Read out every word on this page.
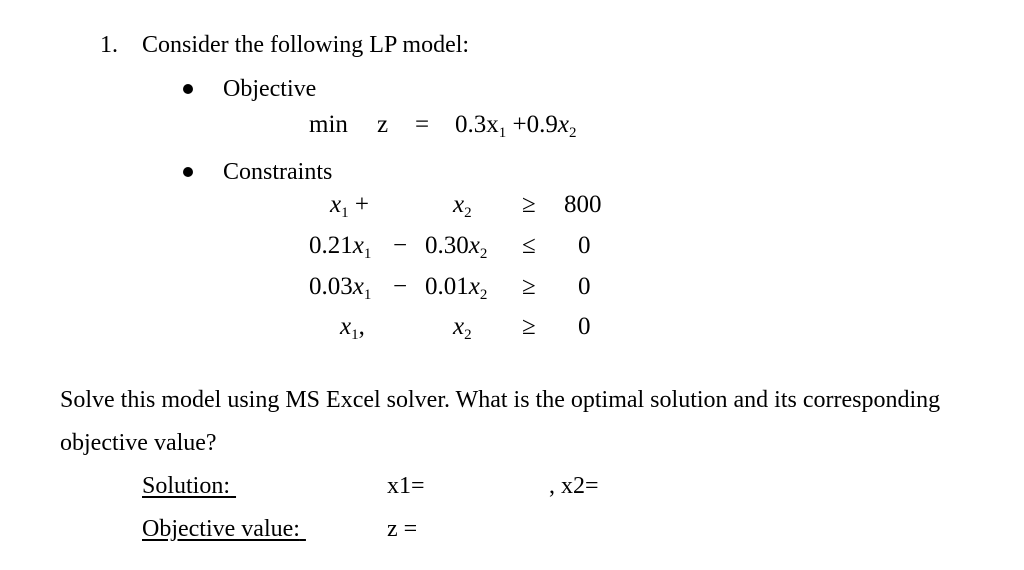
1. Consider the following LP model:
Objective
$\min z = 0.3x_1 +0.9x_2$
Constraints
$x_1$ +	$x_2 \ge 800$
$0.21x_1 - 0.30x_2 \le 0$
$0.03x_1 - 0.01x_2 \ge 0$
$x_1$,	$x_2 \ge 0$
Solve this model using MS Excel solver. What is the optimal solution and its corresponding
objective value?
Solution:	x1=	, x2=
Objective value:	z =
